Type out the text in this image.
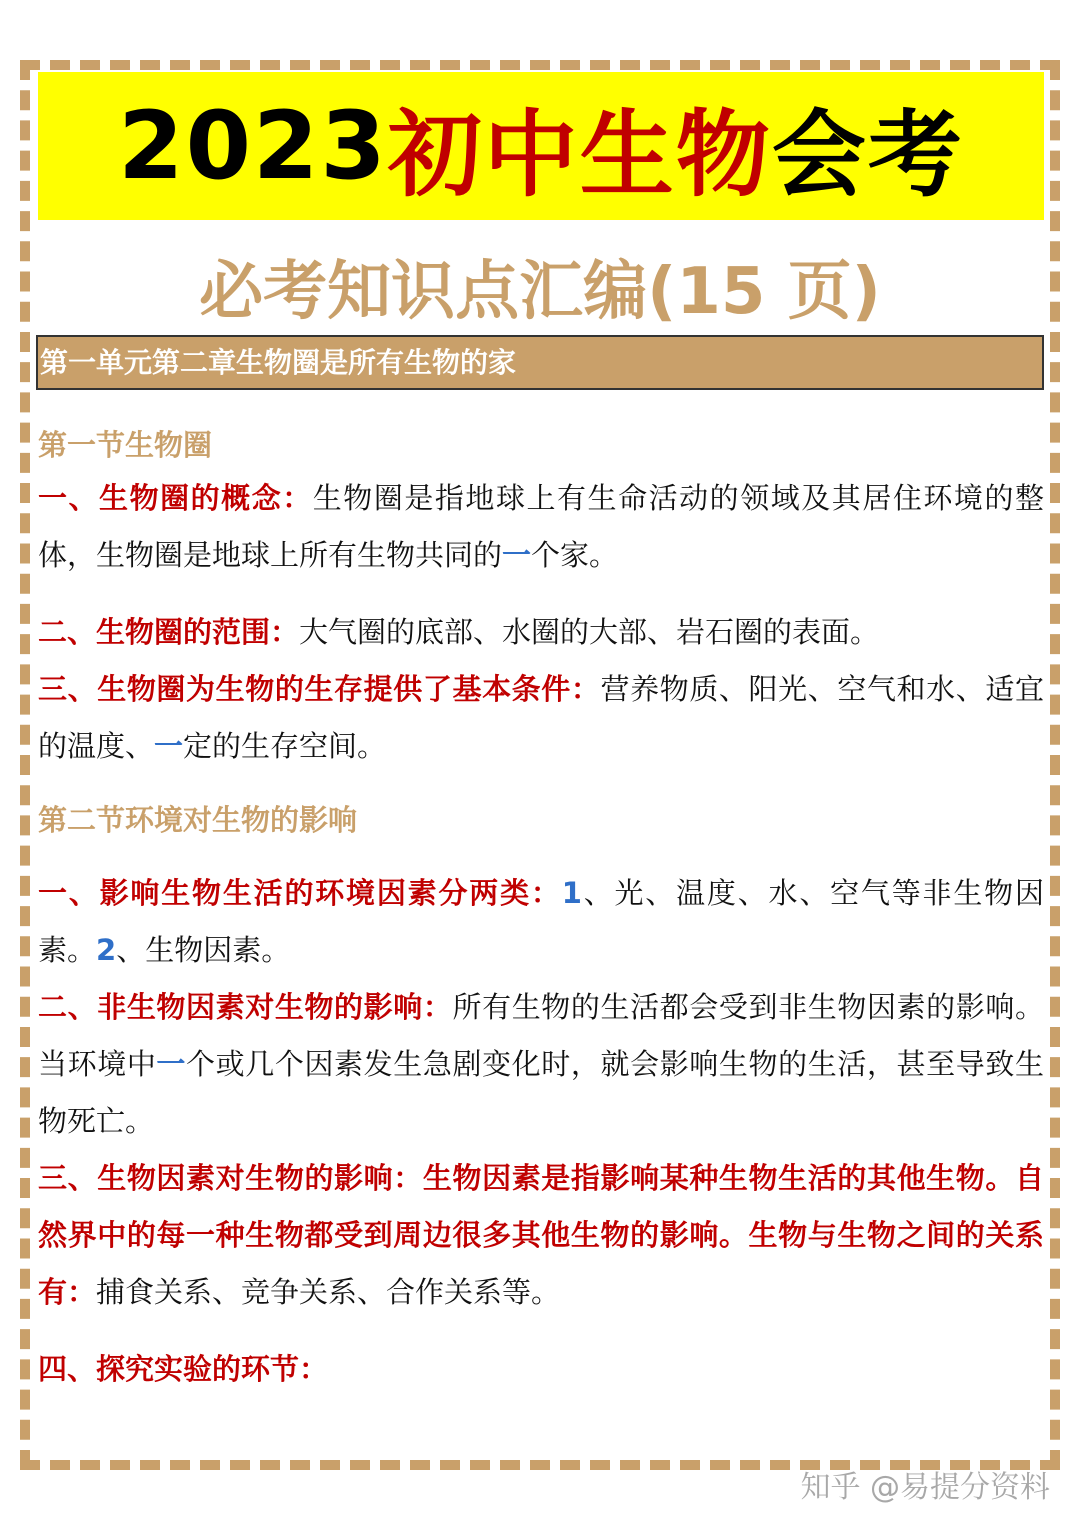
2023 初中生物 会考
必考知识点汇编(15 页)
第一单元第二章生物圈是所有生物的家
第一节生物圈

一、生物圈的概念：生物圈是指地球上有生命活动的领域及其居住环境的整体，生物圈是地球上所有生物共同的一个家。

二、生物圈的范围：大气圈的底部、水圈的大部、岩石圈的表面。

三、生物圈为生物的生存提供了基本条件：营养物质、阳光、空气和水、适宜的温度、一定的生存空间。

第二节环境对生物的影响

一、影响生物生活的环境因素分两类：1、光、温度、水、空气等非生物因素。2、生物因素。

二、非生物因素对生物的影响：所有生物的生活都会受到非生物因素的影响。当环境中一个或几个因素发生急剧变化时，就会影响生物的生活，甚至导致生物死亡。

三、生物因素对生物的影响：生物因素是指影响某种生物生活的其他生物。自然界中的每一种生物都受到周边很多其他生物的影响。生物与生物之间的关系有：捕食关系、竞争关系、合作关系等。

四、探究实验的环节：

知乎 @易提分资料
